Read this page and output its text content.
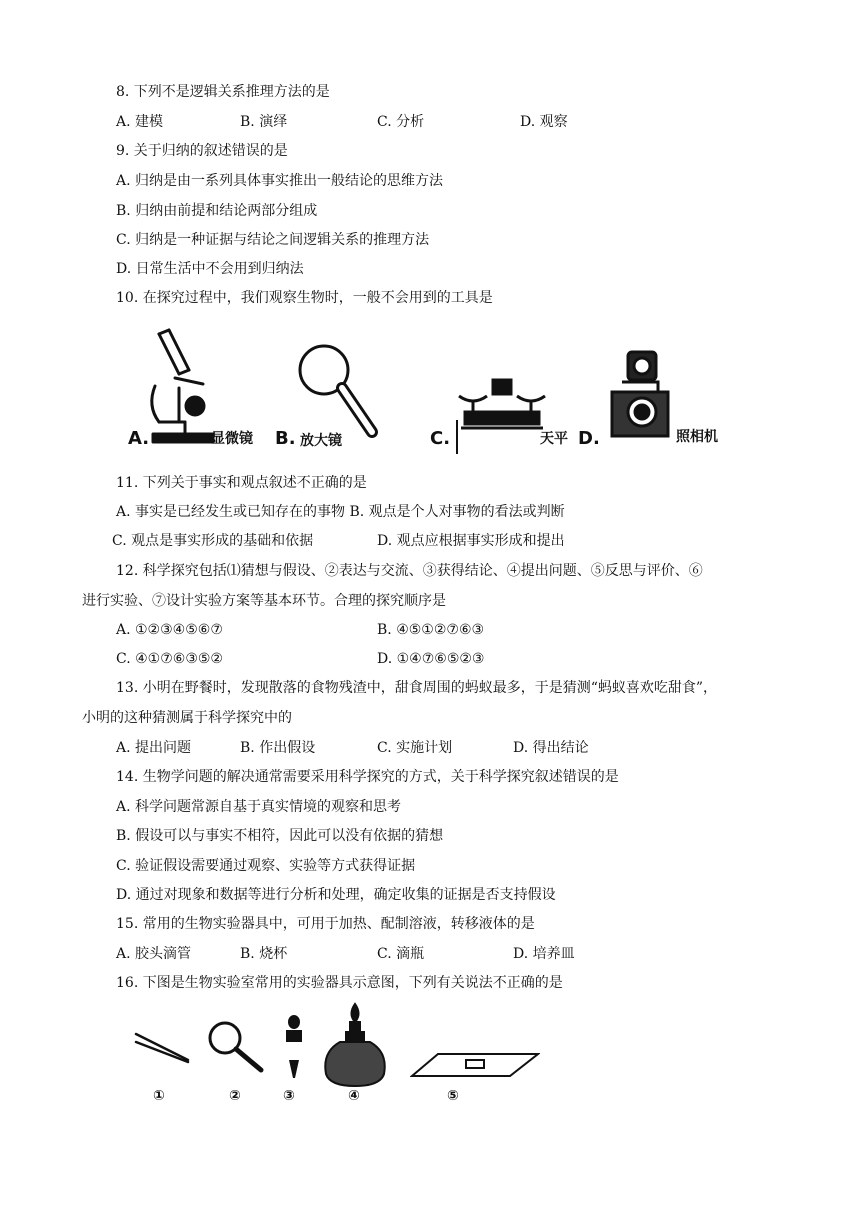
8. 下列不是逻辑关系推理方法的是
A. 建模	B. 演绎	C. 分析	D. 观察
9. 关于归纳的叙述错误的是
A. 归纳是由一系列具体事实推出一般结论的思维方法
B. 归纳由前提和结论两部分组成
C. 归纳是一种证据与结论之间逻辑关系的推理方法
D. 日常生活中不会用到归纳法
10. 在探究过程中，我们观察生物时，一般不会用到的工具是
A.	显微镜 B. 放大镜	C.	天平 D.	照相机
11. 下列关于事实和观点叙述不正确的是
A. 事实是已经发生或已知存在的事物 B. 观点是个人对事物的看法或判断
C. 观点是事实形成的基础和依据	D. 观点应根据事实形成和提出
12. 科学探究包括⑴猜想与假设、②表达与交流、③获得结论、④提出问题、⑤反思与评价、⑥
进行实验、⑦设计实验方案等基本环节。合理的探究顺序是
A. ①②③④⑤⑥⑦	B. ④⑤①②⑦⑥③
C. ④①⑦⑥③⑤②	D. ①④⑦⑥⑤②③
13. 小明在野餐时，发现散落的食物残渣中，甜食周围的蚂蚁最多，于是猜测“蚂蚁喜欢吃甜食”，
小明的这种猜测属于科学探究中的
A. 提出问题	B. 作出假设	C. 实施计划	D. 得出结论
14. 生物学问题的解决通常需要采用科学探究的方式，关于科学探究叙述错误的是
A. 科学问题常源自基于真实情境的观察和思考
B. 假设可以与事实不相符，因此可以没有依据的猜想
C. 验证假设需要通过观察、实验等方式获得证据
D. 通过对现象和数据等进行分析和处理，确定收集的证据是否支持假设
15. 常用的生物实验器具中，可用于加热、配制溶液，转移液体的是
A. 胶头滴管	B. 烧杯	C. 滴瓶	D. 培养皿
16. 下图是生物实验室常用的实验器具示意图，下列有关说法不正确的是
①	②	③	④	⑤
